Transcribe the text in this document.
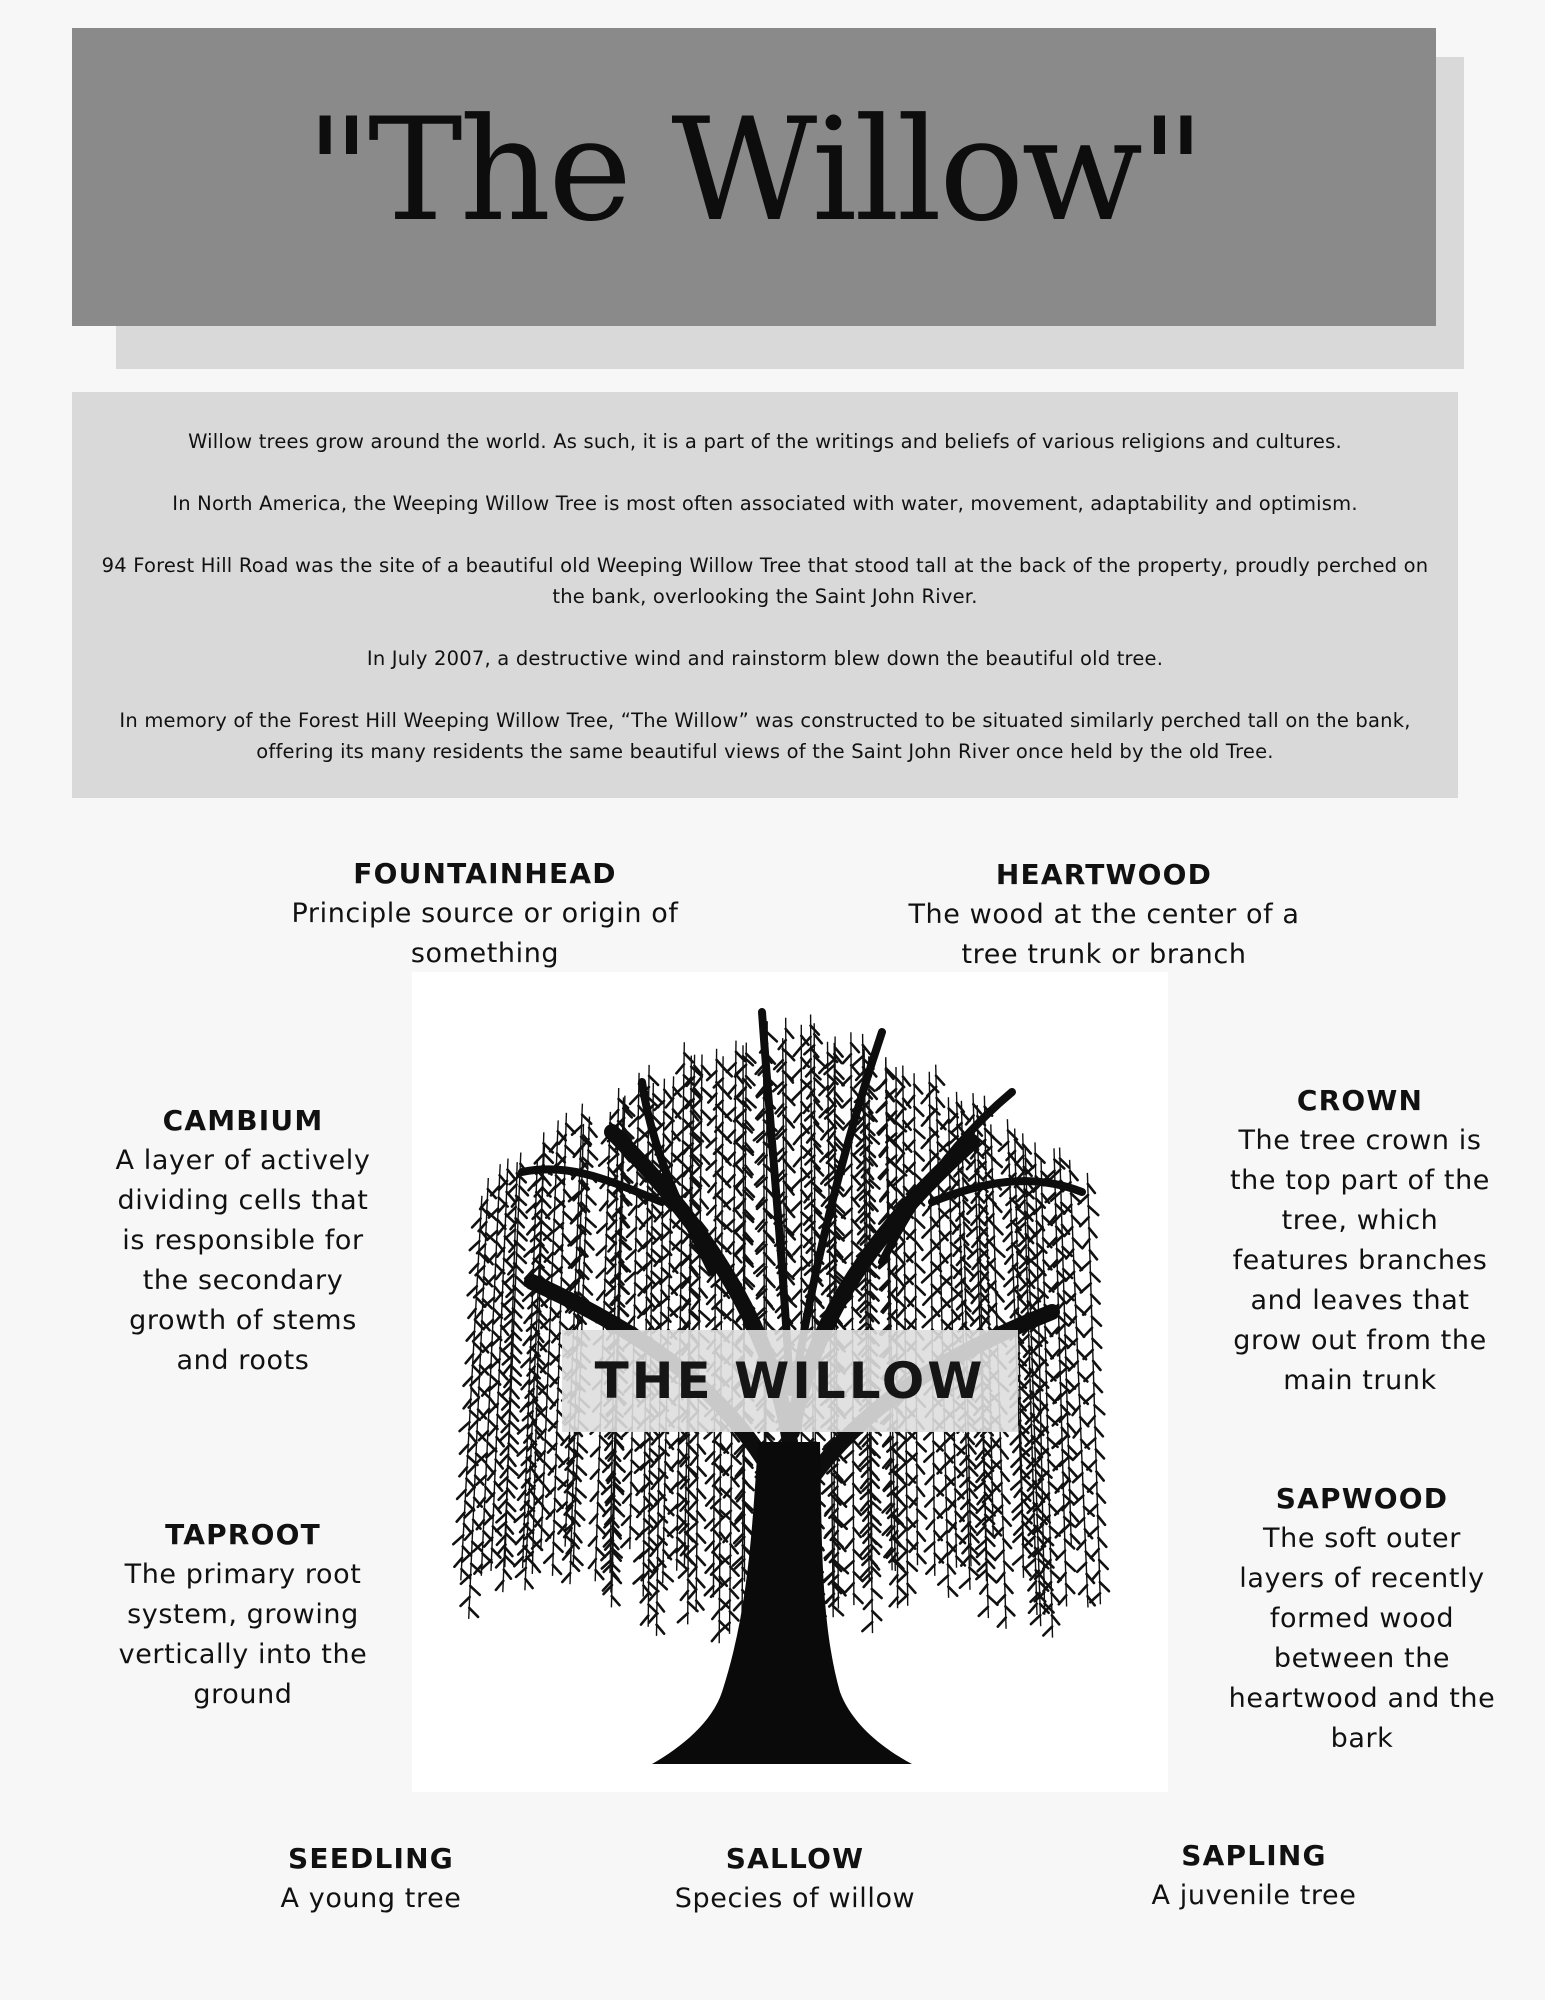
"The Willow"

Willow trees grow around the world. As such, it is a part of the writings and beliefs of various religions and cultures.

In North America, the Weeping Willow Tree is most often associated with water, movement, adaptability and optimism.

94 Forest Hill Road was the site of a beautiful old Weeping Willow Tree that stood tall at the back of the property, proudly perched on the bank, overlooking the Saint John River.

In July 2007, a destructive wind and rainstorm blew down the beautiful old tree.

In memory of the Forest Hill Weeping Willow Tree, “The Willow” was constructed to be situated similarly perched tall on the bank, offering its many residents the same beautiful views of the Saint John River once held by the old Tree.

FOUNTAINHEAD
Principle source or origin of something
HEARTWOOD
The wood at the center of a tree trunk or branch
THE WILLOW
CAMBIUM
A layer of actively dividing cells that is responsible for the secondary growth of stems and roots
TAPROOT
The primary root system, growing vertically into the ground
CROWN
The tree crown is the top part of the tree, which features branches and leaves that grow out from the main trunk
SAPWOOD
The soft outer layers of recently formed wood between the heartwood and the bark
SEEDLING
A young tree
SALLOW
Species of willow
SAPLING
A juvenile tree
